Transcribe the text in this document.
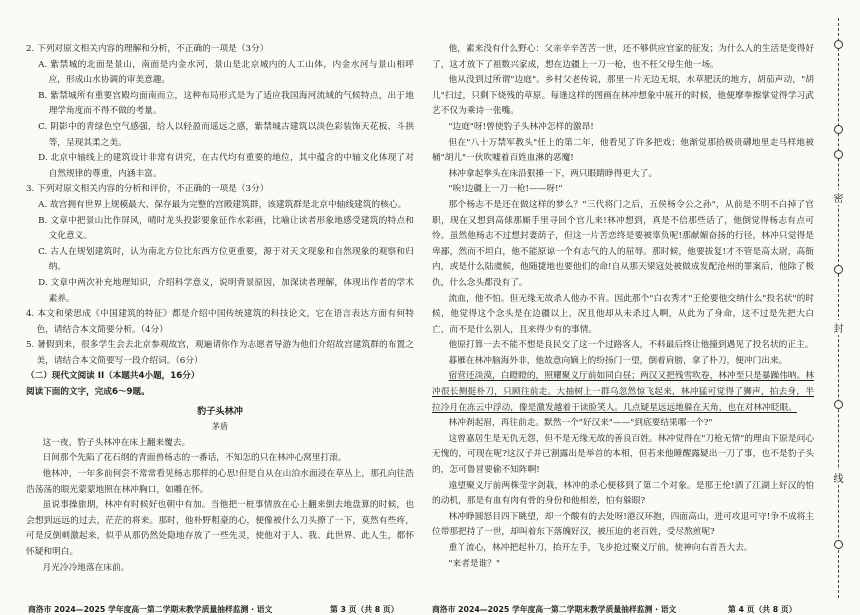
2. 下列对原文相关内容的理解和分析，不正确的一项是（3分）

A. 紫禁城的北面是景山，南面是内金水河，景山是北京城内的人工山体，内金水河与景山相呼应，形成山水协调的审美意趣。

B. 紫禁城所有重要宫殿均面南而立，这种布局形式是为了适应我国海河流域的气候特点，出于地理学角度而不得不做的考量。

C. 阴影中的青绿色空气感强，给人以轻盈而遥远之感，紫禁城古建筑以淡色彩装饰天花板、斗拱等，呈现其柔之美。

D. 北京中轴线上的建筑设计非常有讲究，在古代均有重要的地位，其中蕴含的中轴文化体现了对自然规律的尊重，内涵丰富。

3. 下列对原文相关内容的分析和评价，不正确的一项是（3分）

A. 故宫拥有世界上规模最大、保存最为完整的宫殿建筑群，该建筑群是北京中轴线建筑的核心。

B. 文章中把景山比作屏风，晴时龙头投影要象征作水彩画，比喻让读者形象地感受建筑的特点和文化意义。

C. 古人在规划建筑时，认为南北方位比东西方位更重要，源于对天文现象和自然现象的观察和归纳。

D. 文章中两次补充地理知识，介绍科学意义，说明背景原因，加深读者理解，体现出作者的学术素养。

4. 本文和梁思成《中国建筑的特征》都是介绍中国传统建筑的科技论文，它在语言表达方面有何特色，请结合本文简要分析。（4分）

5. 暑假到来，很多学生会去北京参观故宫，观遍请你作为志愿者导游为他们介绍故宫建筑群的布置之美，请结合本文简要写一段介绍词。（6分）

（二）现代文阅读 II（本题共4小题，16分）

阅读下面的文字，完成6～9题。

豹子头林冲

茅盾

这一夜，豹子头林冲在床上翻来覆去。

日间那个先陷了花石纲的青面兽杨志的一番话，不知怎的只在林冲心窝里打滚。

他林冲，一年多前何尝不常常看见杨志那样的心思!但是自从在山泊水面浸在草丛上，那孔向往浩浩荡荡的眼光蒙蒙地照在林冲胸口，如雕在怀。

虽说事操旅期，林冲有时候好也朝中有加。当他把一桩事情放在心上翻来倒去地盘算的时候，也会想到远远的过去，茫茫的将来。那时，他朴野粗豪的心，便像被什么刀头撩了一下，莫然有些疼，可是反倒刺激起来，似乎从那仍然处隐地存放了一些先灵，使他对于人、我、此世界、此人生，都怀怀疑和明白。

月光冷冷地落在床前。

商洛市 2024—2025 学年度高一第二学期末教学质量抽样监测 · 语文	第 3 页（共 8 页）

他，素来没有什么野心：父亲辛辛苦苦一世，还不够供应官家的征发；为什么人的生活是变得好了，这才放下了祖数兴家成，想在边疆上一刀一枪，也不枉父母生他一场。

他从没到过所谓"边庭"。乡村父老传说，那里一片无边无垠，水草肥沃的地方，胡茄声动，"胡儿"扫过，只剩下烧残的草原。每逢这样的图画在林冲想象中展开的时候，他便摩拳擦掌觉得学习武艺不仅为乘诗一张嘴。

"边庭"呀!曾使豹子头林冲怎样的激昂!

但在"八十万禁军教头"任上的第二年，他看见了许多把戏；他渐觉那拾极贵礴地里走马样地被桶"胡儿"一伙吹嘘着百姓血淋的恶魔!

林冲拿起拳头在床沿狠捶一下，两只眼睛睁得更大了。

"唉!边疆上一刀一枪!——呀!"

那个杨志不是还在做这样的梦么？"三代将门之后，五侯杨令公之孙"，从前是不明不白掉了官职，现在又想到高俅那厮手里寻回个官儿来!林冲想到，真是不信那些话了，他倒觉得杨志有点可怜。虽然他杨志不过想封妻荫子，但这一片苦恋终是要被辜负呢!那献媚奋扬的行径，林冲只觉得是卑鄙，然而不坦白，他不能原谅一个有志气的人的屈辱。那时候，他要拔复!才不管是高太尉，高衙内，或是什么陆虞候，他随捷地也要他们的命!自从那天梁寇处被做成发配沧州的罪案后，他除了极仇，什么念头都没有了。

流血，他不怕。但无缘无故杀人他办不肯。因此那个"白衣秀才"王伦要他交纳什么"投名状"的时候，他觉得这个念头是在边疆以上，况且他却从未杀过人啊，从此为了身命，这不过是先把大白亡，而不是什么别人，且来得少有的事情。

他原打算一去不能不想是良民交了这一个过路客人，不料最后终让他撞到遇见了投名状的正主。

暮雁在林冲脑海外非，他故意向嫡上的纷扬门一望，倒着肩膀，拿了朴刀，便冲门出来。

宿营还淡漠，白瞪瞪的，照耀聚义厅前如同白昼；两汉又把残雪吹卷，林冲至只是暴躁伟呐。林冲很长侧挺朴刀，只顾往前走。大抽树上一群乌忽然惊飞起来，林冲猛可觉得了狮声，拍去身，半拉冷月在冻云中浮动，像是激发越着干读脸笑人。几点疑星远远地躲在天角，也在对林冲眨眼。

林冲刹起眉，再往前走。默然一个"好汉来"——"到底要结果哪一个?"

这曾嘉居生是无仇无怨，但不是无缘无故的善良百姓。林冲觉得在"刀枪无情"的理由下原是问心无愧的，可现在呢?这汉子并已割露出是举首的本相，但若来他睡醒露疑出一刀了事，也不是豹子头的，怎可鲁冒要偷不知阵啊!

遠望聚义厅前两株莹字剑栽，林冲的杀心便移到了第二个对象。是那王伦!酒了江湖上好汉的怕的动机，那是有血有肉有骨的身份和他相差，怕有躲眼?

林冲睁圆怒目四下眺望，却一个酸有的去处呀!港汉环抱，四面高山，进可攻退可守!争不成将主位带那把持了一世，却叫着东下落魄好汉，被压迫的老百姓，受尽熬煎呢?

重丫流心，林冲把起朴刀，抬开左手，飞步抢过聚义厅前，使神向右首吾大去。

"来者是谁？"

商洛市 2024—2025 学年度高一第二学期末教学质量抽样监测 · 语文	第 4 页（共 8 页）
密
封
线
